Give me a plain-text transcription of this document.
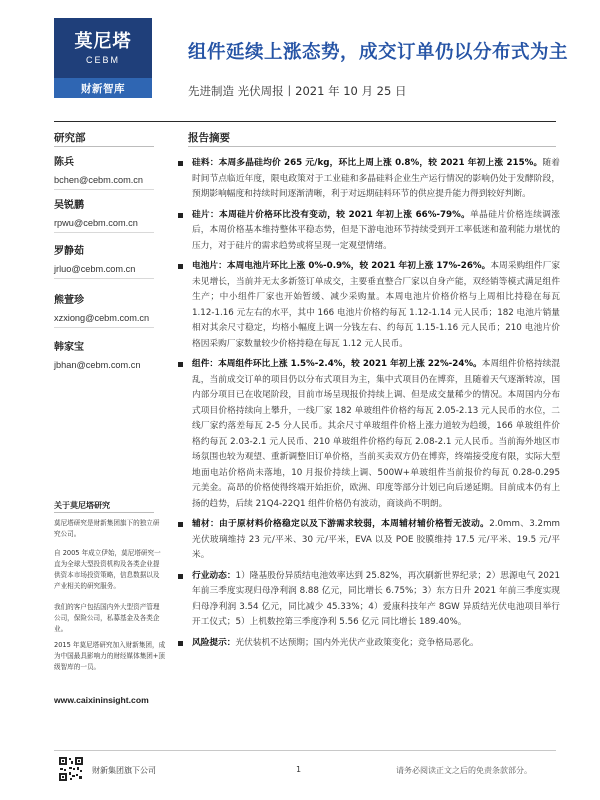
莫尼塔
CEBM
财新智库
组件延续上涨态势，成交订单仍以分布式为主
先进制造 光伏周报丨2021 年 10 月 25 日
研究部	报告摘要
陈兵
bchen@cebm.com.cn
吴锐鹏
rpwu@cebm.com.cn
罗静茹
jrluo@cebm.com.cn
熊萱珍
xzxiong@cebm.com.cn
韩家宝
jbhan@cebm.com.cn
关于莫尼塔研究
莫尼塔研究是财新集团旗下的独立研究公司。
自 2005 年成立伊始，莫尼塔研究一直为全球大型投资机构及各类企业提供资本市场投资策略，信息数据以及产业相关的研究服务。
我们的客户包括国内外大型资产管理公司，保险公司，私募基金及各类企业。
2015 年莫尼塔研究加入财新集团，成为中国最具影响力的财经媒体集团+顶级智库的一员。
www.caixininsight.com
硅料：本周多晶硅均价 265 元/kg，环比上周上涨 0.8%，较 2021 年初上涨 215%。随着时间节点临近年度，限电政策对于工业硅和多晶硅料企业生产运行情况的影响仍处于发酵阶段，预期影响幅度和持续时间逐渐清晰，利于对远期硅料环节的供应提升能力得到较好判断。
硅片：本周硅片价格环比没有变动，较 2021 年初上涨 66%-79%。单晶硅片价格连续调涨后，本周价格基本维持整体平稳态势，但是下游电池环节持续受到开工率低迷和盈利能力堪忧的压力，对于硅片的需求趋势或将呈现一定观望情绪。
电池片：本周电池片环比上涨 0%-0.9%，较 2021 年初上涨 17%-26%。本周采购组件厂家未见增长，当前并无太多新签订单成交，主要垂直整合厂家以自身产能，双经销等模式满足组件生产；中小组件厂家也开始暂缓、减少采购量。本周电池片价格价格与上周相比持稳在每瓦 1.12-1.16 元左右的水平，其中 166 电池片价格约每瓦 1.12-1.14 元人民币；182 电池片销量相对其余尺寸稳定，均格小幅度上调一分钱左右、约每瓦 1.15-1.16 元人民币；210 电池片价格因采购厂家数量较少价格持稳在每瓦 1.12 元人民币。
组件：本周组件环比上涨 1.5%-2.4%，较 2021 年初上涨 22%-24%。本周组件价格持续混乱，当前成交订单的项目仍以分布式项目为主，集中式项目仍在博弈，且随着天气逐渐转凉，国内部分项目已在收尾阶段，目前市场呈现报价持续上调、但是成交量稀少的情况。本周国内分布式项目价格持续向上攀升，一线厂家 182 单玻组件价格约每瓦 2.05-2.13 元人民币的水位，二线厂家约落差每瓦 2-5 分人民币。其余尺寸单玻组件价格上涨力道较为趋缓，166 单玻组件价格约每瓦 2.03-2.1 元人民币、210 单玻组件价格约每瓦 2.08-2.1 元人民币。当前海外地区市场氛围也较为观望、重新调整旧订单价格，当前买卖双方仍在博弈，终端接受度有限，实际大型地面电站价格尚未落地，10 月报价持续上调、500W+单玻组件当前报价约每瓦 0.28-0.295 元美金。高昂的价格使得终端开始拒价，欧洲、印度等部分计划已向后递延期。目前成本仍有上扬的趋势，后续 21Q4-22Q1 组件价格仍有波动，商谈尚不明朗。
辅材：由于原材料价格稳定以及下游需求较弱，本周辅材辅价格暂无波动。2.0mm、3.2mm 光伏玻璃维持 23 元/平米、30 元/平米，EVA 以及 POE 胶膜维持 17.5 元/平米、19.5 元/平米。
行业动态：1）隆基股份异质结电池效率达到 25.82%，再次刷新世界纪录；2）思源电气 2021 年前三季度实现归母净利润 8.88 亿元，同比增长 6.75%；3）东方日升 2021 年前三季度实现归母净利润 3.54 亿元，同比减少 45.33%；4）爱康科技年产 8GW 异质结光伏电池项目举行开工仪式；5）上机数控第三季度净利 5.56 亿元 同比增长 189.40%。
风险提示：光伏装机不达预期；国内外光伏产业政策变化；竞争格局恶化。
财新集团旗下公司	1	请务必阅读正文之后的免责条款部分。
